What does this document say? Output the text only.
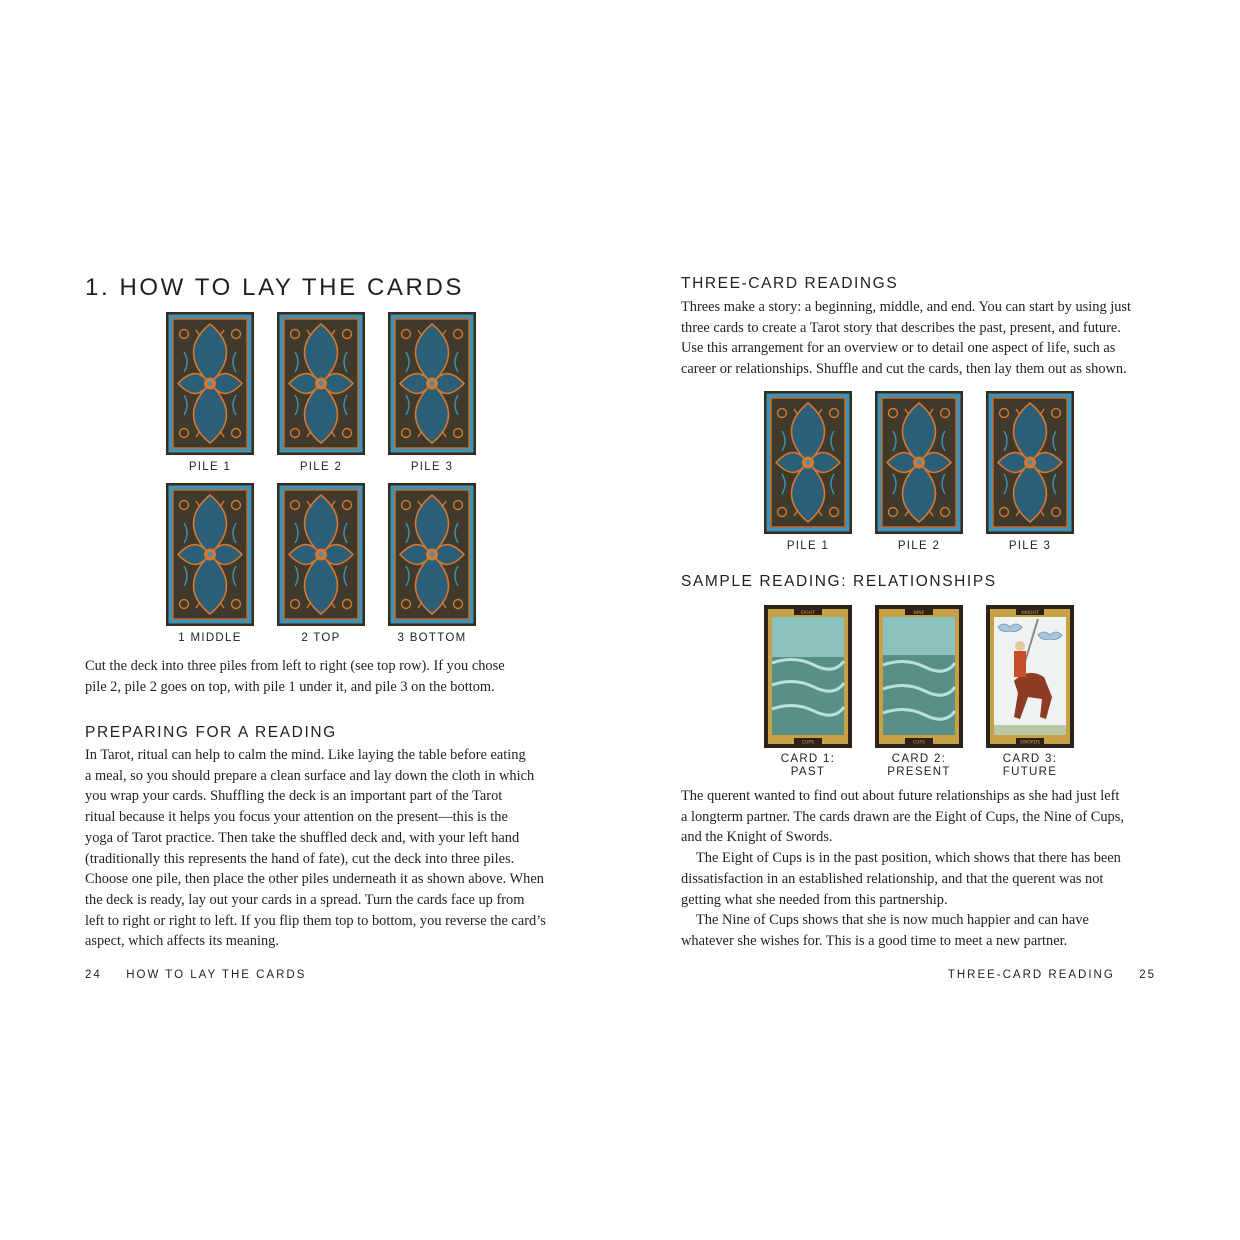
1. HOW TO LAY THE CARDS
PILE 1	PILE 2	PILE 3
1 MIDDLE	2 TOP	3 BOTTOM

Cut the deck into three piles from left to right (see top row). If you chose
pile 2, pile 2 goes on top, with pile 1 under it, and pile 3 on the bottom.

PREPARING FOR A READING

In Tarot, ritual can help to calm the mind. Like laying the table before eating
a meal, so you should prepare a clean surface and lay down the cloth in which
you wrap your cards. Shuffling the deck is an important part of the Tarot
ritual because it helps you focus your attention on the present—this is the
yoga of Tarot practice. Then take the shuffled deck and, with your left hand
(traditionally this represents the hand of fate), cut the deck into three piles.
Choose one pile, then place the other piles underneath it as shown above. When
the deck is ready, lay out your cards in a spread. Turn the cards face up from
left to right or right to left. If you flip them top to bottom, you reverse the card’s
aspect, which affects its meaning.

24 HOW TO LAY THE CARDS
THREE-CARD READINGS

Threes make a story: a beginning, middle, and end. You can start by using just
three cards to create a Tarot story that describes the past, present, and future.
Use this arrangement for an overview or to detail one aspect of life, such as
career or relationships. Shuffle and cut the cards, then lay them out as shown.

PILE 1	PILE 2	PILE 3
SAMPLE READING: RELATIONSHIPS
EIGHT
CUPS
NINE
CUPS
KNIGHT
SWORDS
CARD 1:
PAST
CARD 2:
PRESENT
CARD 3:
FUTURE

The querent wanted to find out about future relationships as she had just left
a longterm partner. The cards drawn are the Eight of Cups, the Nine of Cups,
and the Knight of Swords.

The Eight of Cups is in the past position, which shows that there has been
dissatisfaction in an established relationship, and that the querent was not
getting what she needed from this partnership.

The Nine of Cups shows that she is now much happier and can have
whatever she wishes for. This is a good time to meet a new partner.

THREE-CARD READING 25
